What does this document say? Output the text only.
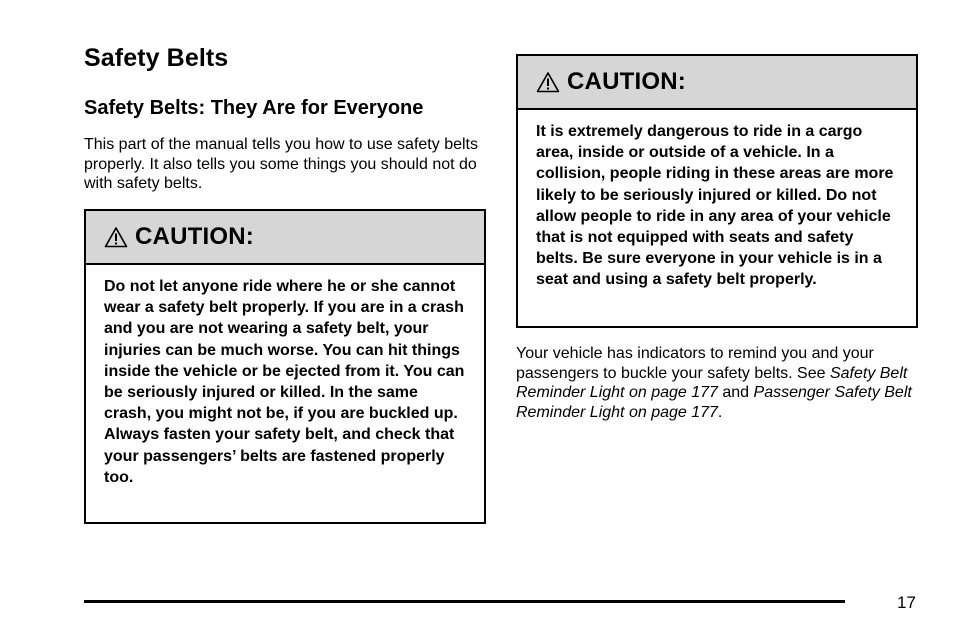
Safety Belts
Safety Belts: They Are for Everyone

This part of the manual tells you how to use safety belts properly. It also tells you some things you should not do with safety belts.

CAUTION:
Do not let anyone ride where he or she cannot wear a safety belt properly. If you are in a crash and you are not wearing a safety belt, your injuries can be much worse. You can hit things inside the vehicle or be ejected from it. You can be seriously injured or killed. In the same crash, you might not be, if you are buckled up. Always fasten your safety belt, and check that your passengers’ belts are fastened properly too.
CAUTION:
It is extremely dangerous to ride in a cargo area, inside or outside of a vehicle. In a collision, people riding in these areas are more likely to be seriously injured or killed. Do not allow people to ride in any area of your vehicle that is not equipped with seats and safety belts. Be sure everyone in your vehicle is in a seat and using a safety belt properly.

Your vehicle has indicators to remind you and your passengers to buckle your safety belts. See Safety Belt Reminder Light on page 177 and Passenger Safety Belt Reminder Light on page 177.

17
